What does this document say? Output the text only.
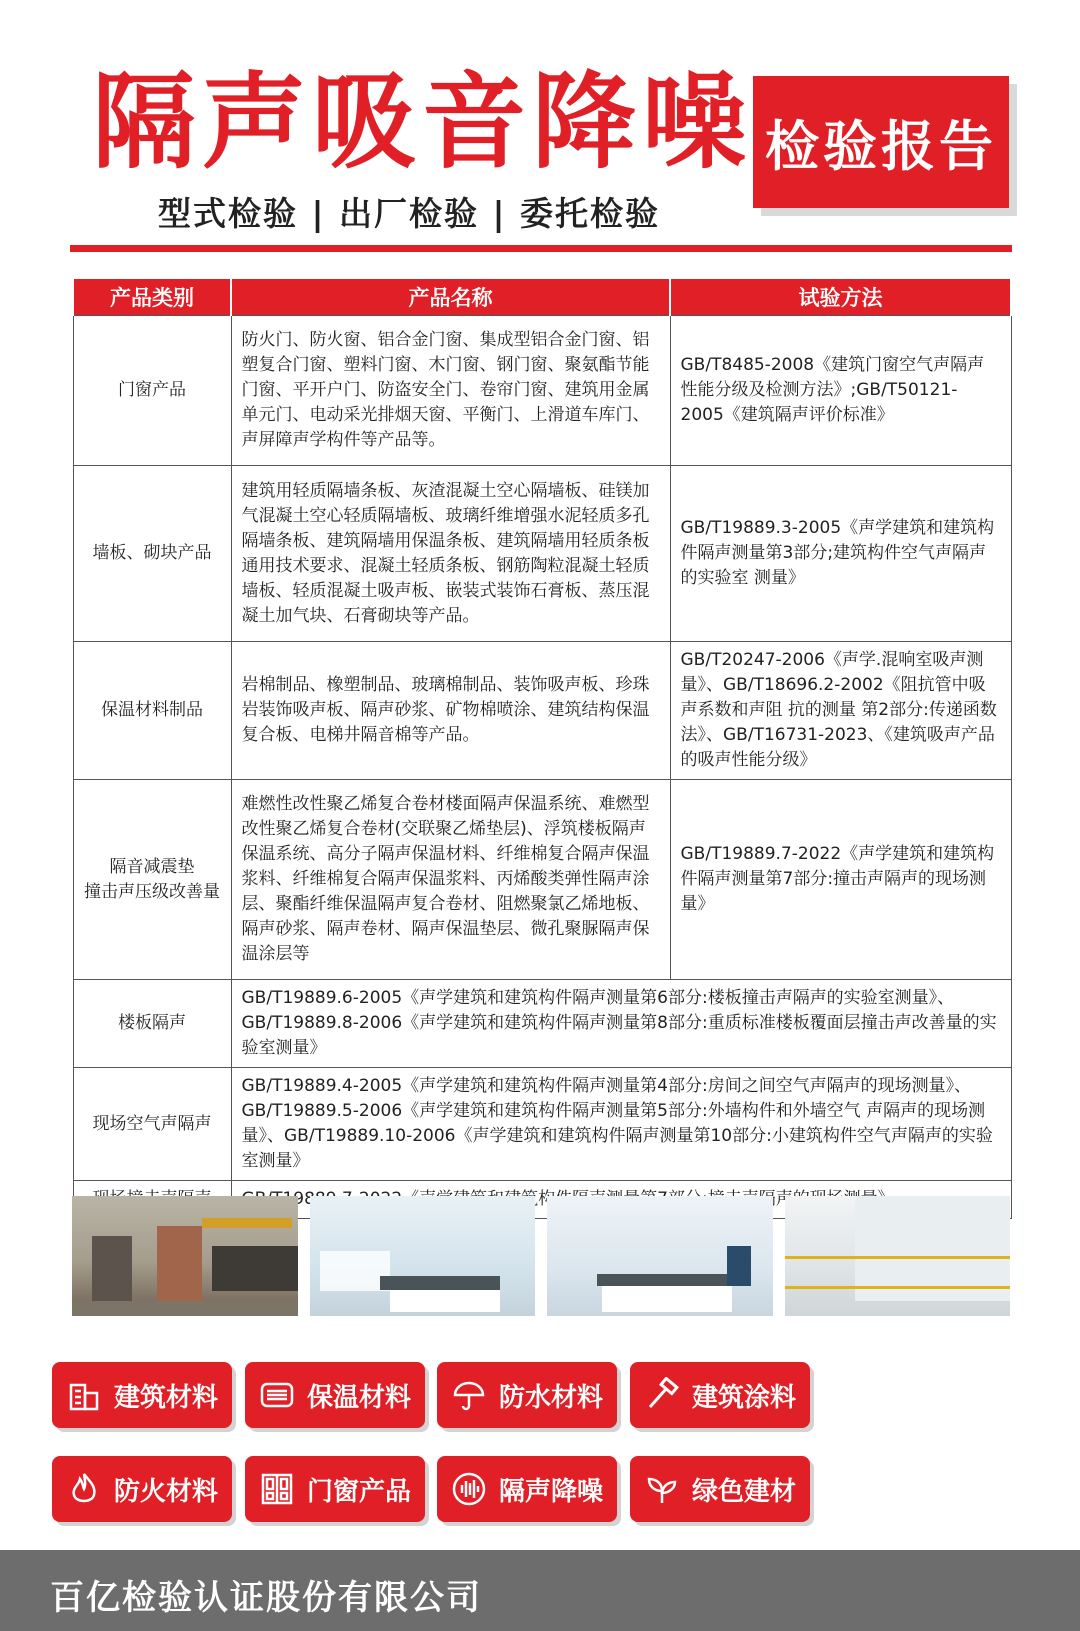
隔声吸音降噪 检验报告
型式检验 | 出厂检验 | 委托检验
产品类别	产品名称	试验方法
门窗产品	防火门、防火窗、铝合金门窗、集成型铝合金门窗、铝塑复合门窗、塑料门窗、木门窗、钢门窗、聚氨酯节能门窗、平开户门、防盗安全门、卷帘门窗、建筑用金属单元门、电动采光排烟天窗、平衡门、上滑道车库门、声屏障声学构件等产品等。	GB/T8485-2008《建筑门窗空气声隔声性能分级及检测方法》;GB/T50121-2005《建筑隔声评价标准》
墙板、砌块产品	建筑用轻质隔墙条板、灰渣混凝土空心隔墙板、硅镁加气混凝土空心轻质隔墙板、玻璃纤维增强水泥轻质多孔隔墙条板、建筑隔墙用保温条板、建筑隔墙用轻质条板通用技术要求、混凝土轻质条板、钢筋陶粒混凝土轻质墙板、轻质混凝土吸声板、嵌装式装饰石膏板、蒸压混凝土加气块、石膏砌块等产品。	GB/T19889.3-2005《声学建筑和建筑构件隔声测量第3部分;建筑构件空气声隔声的实验室 测量》
保温材料制品	岩棉制品、橡塑制品、玻璃棉制品、装饰吸声板、珍珠岩装饰吸声板、隔声砂浆、矿物棉喷涂、建筑结构保温复合板、电梯井隔音棉等产品。	GB/T20247-2006《声学.混响室吸声测量》、GB/T18696.2-2002《阻抗管中吸声系数和声阻 抗的测量 第2部分:传递函数法》、GB/T16731-2023、《建筑吸声产品的吸声性能分级》

隔音减震垫
撞击声压级改善量	难燃性改性聚乙烯复合卷材楼面隔声保温系统、难燃型改性聚乙烯复合卷材(交联聚乙烯垫层)、浮筑楼板隔声保温系统、高分子隔声保温材料、纤维棉复合隔声保温浆料、纤维棉复合隔声保温浆料、丙烯酸类弹性隔声涂层、聚酯纤维保温隔声复合卷材、阻燃聚氯乙烯地板、隔声砂浆、隔声卷材、隔声保温垫层、微孔聚脲隔声保温涂层等	GB/T19889.7-2022《声学建筑和建筑构件隔声测量第7部分:撞击声隔声的现场测量》
楼板隔声	GB/T19889.6-2005《声学建筑和建筑构件隔声测量第6部分:楼板撞击声隔声的实验室测量》、GB/T19889.8-2006《声学建筑和建筑构件隔声测量第8部分:重质标准楼板覆面层撞击声改善量的实验室测量》	
现场空气声隔声	GB/T19889.4-2005《声学建筑和建筑构件隔声测量第4部分:房间之间空气声隔声的现场测量》、GB/T19889.5-2006《声学建筑和建筑构件隔声测量第5部分:外墙构件和外墙空气 声隔声的现场测量》、GB/T19889.10-2006《声学建筑和建筑构件隔声测量第10部分:小建筑构件空气声隔声的实验室测量》	

建筑材料	保温材料	防水材料	建筑涂料
防火材料	门窗产品	隔声降噪	绿色建材
百亿检验认证股份有限公司
